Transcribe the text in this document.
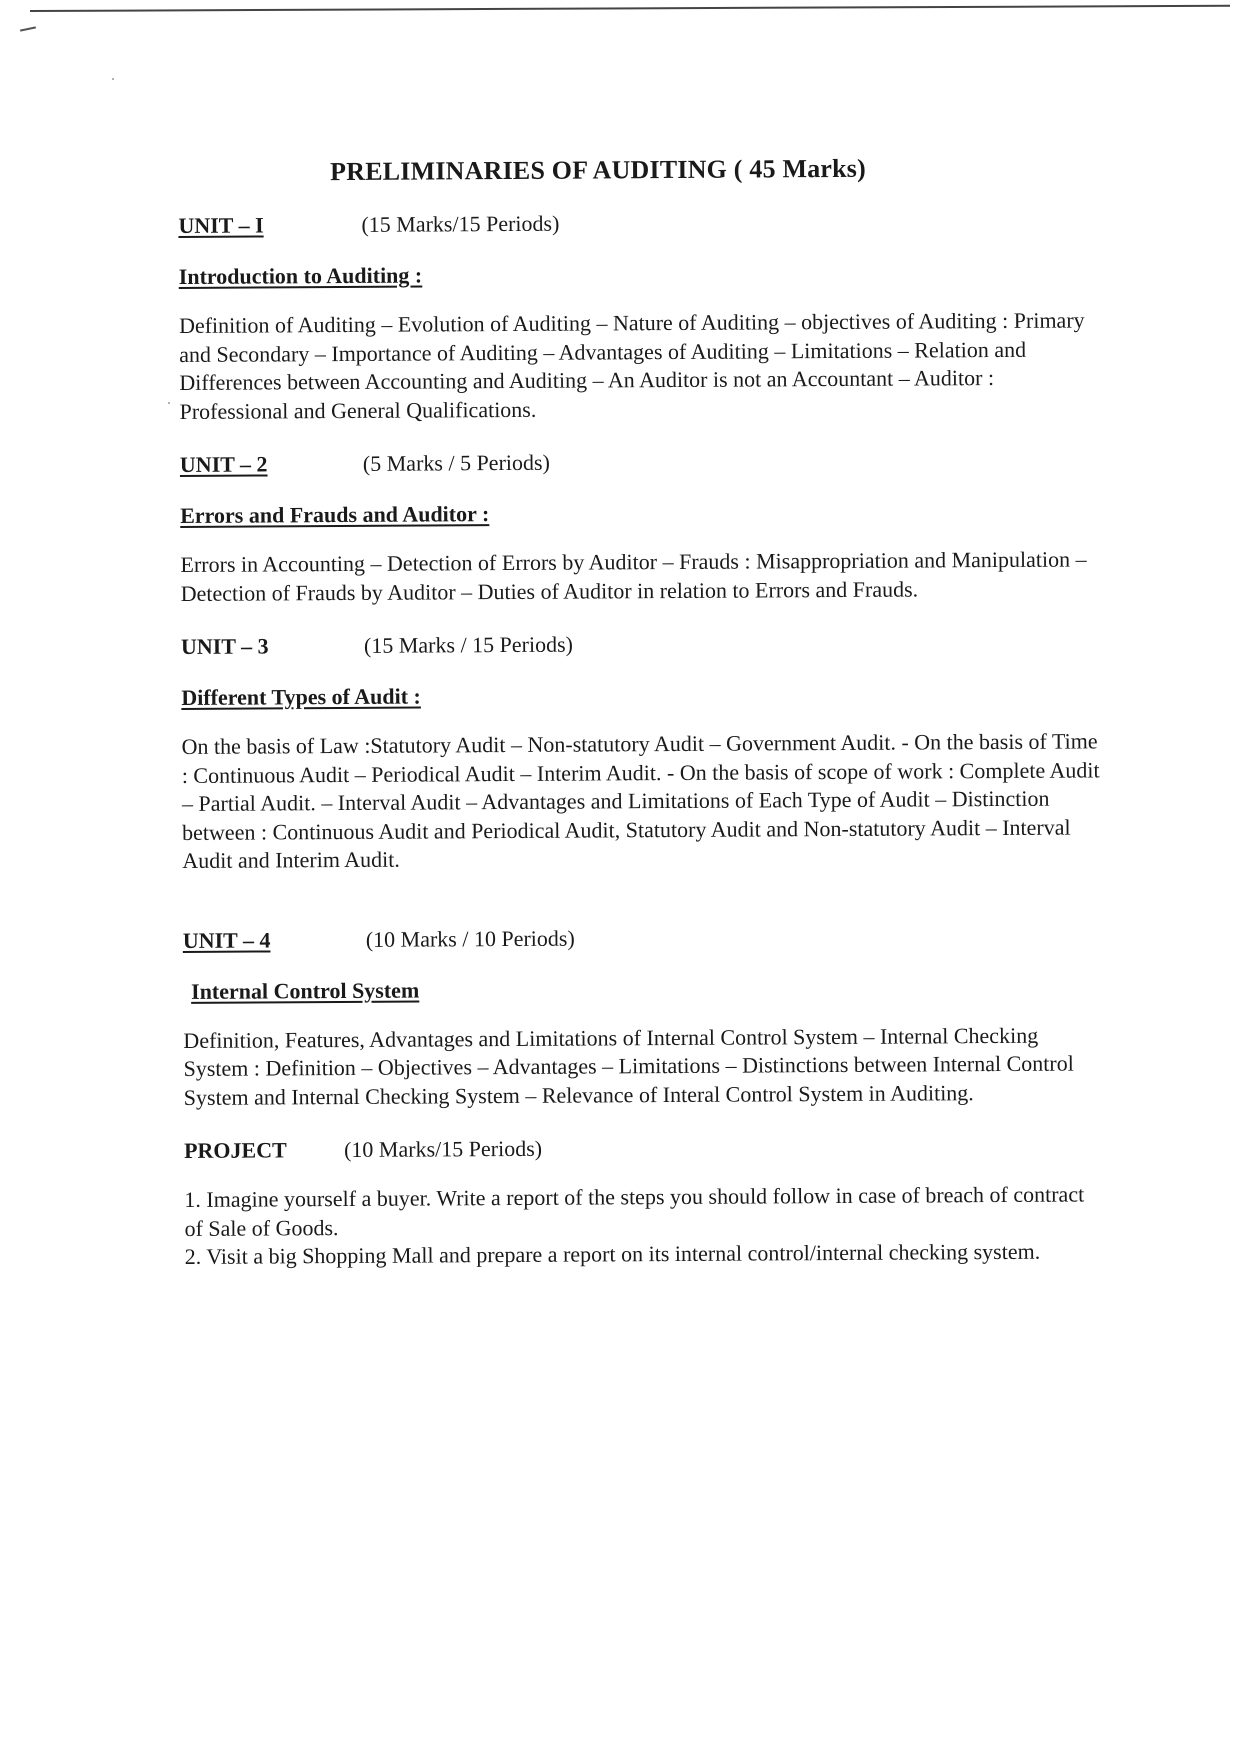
PRELIMINARIES OF AUDITING ( 45 Marks)
UNIT – I	(15 Marks/15 Periods)

Introduction to Auditing :

Definition of Auditing – Evolution of Auditing – Nature of Auditing – objectives of Auditing : Primary and Secondary – Importance of Auditing – Advantages of Auditing – Limitations – Relation and Differences between Accounting and Auditing – An Auditor is not an Accountant – Auditor : Professional and General Qualifications.

UNIT – 2	(5 Marks / 5 Periods)

Errors and Frauds and Auditor :

Errors in Accounting – Detection of Errors by Auditor – Frauds : Misappropriation and Manipulation – Detection of Frauds by Auditor – Duties of Auditor in relation to Errors and Frauds.

UNIT – 3	(15 Marks / 15 Periods)

Different Types of Audit :

On the basis of Law :Statutory Audit – Non-statutory Audit – Government Audit. - On the basis of Time : Continuous Audit – Periodical Audit – Interim Audit. - On the basis of scope of work : Complete Audit – Partial Audit. – Interval Audit – Advantages and Limitations of Each Type of Audit – Distinction between : Continuous Audit and Periodical Audit, Statutory Audit and Non-statutory Audit – Interval Audit and Interim Audit.

UNIT – 4	(10 Marks / 10 Periods)

Internal Control System

Definition, Features, Advantages and Limitations of Internal Control System – Internal Checking System : Definition – Objectives – Advantages – Limitations – Distinctions between Internal Control System and Internal Checking System – Relevance of Interal Control System in Auditing.

PROJECT	(10 Marks/15 Periods)

1. Imagine yourself a buyer. Write a report of the steps you should follow in case of breach of contract of Sale of Goods.

2. Visit a big Shopping Mall and prepare a report on its internal control/internal checking system.
